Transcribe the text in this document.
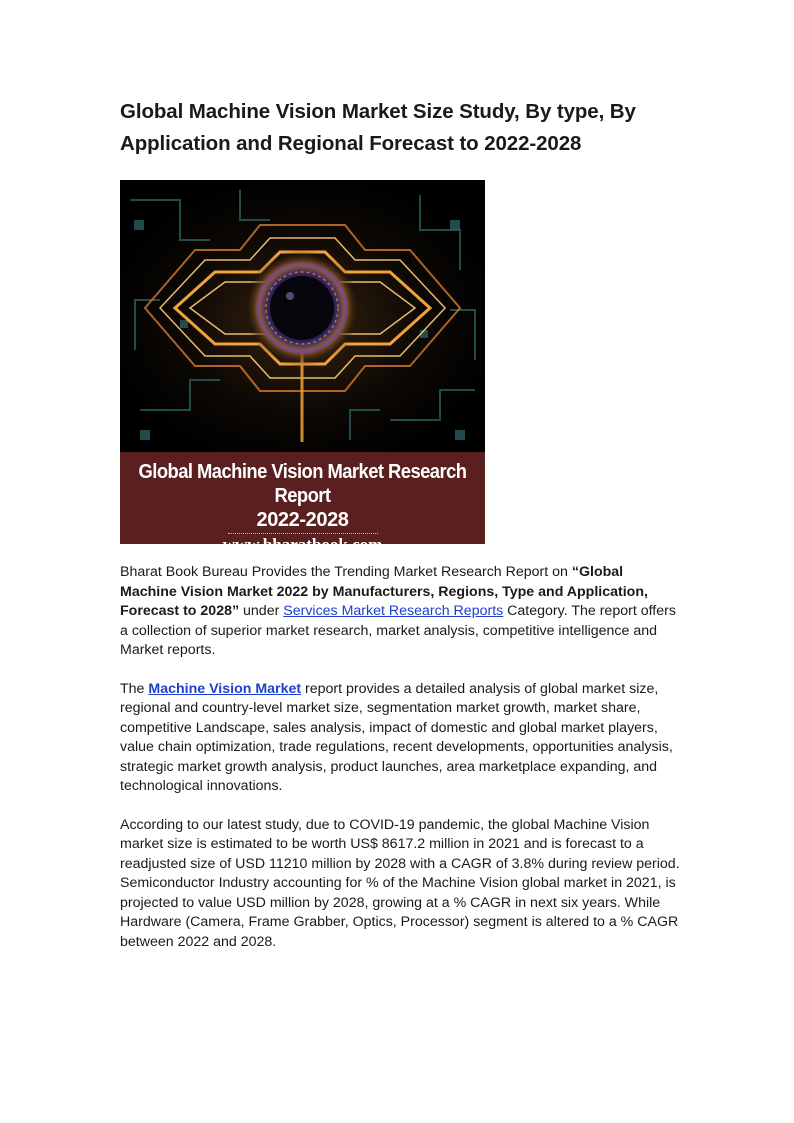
Global Machine Vision Market Size Study, By type, By Application and Regional Forecast to 2022-2028
Global Machine Vision Market Research Report
2022-2028
www.bharatbook.com

Bharat Book Bureau Provides the Trending Market Research Report on “Global Machine Vision Market 2022 by Manufacturers, Regions, Type and Application, Forecast to 2028” under Services Market Research Reports Category. The report offers a collection of superior market research, market analysis, competitive intelligence and Market reports.

The Machine Vision Market report provides a detailed analysis of global market size, regional and country-level market size, segmentation market growth, market share, competitive Landscape, sales analysis, impact of domestic and global market players, value chain optimization, trade regulations, recent developments, opportunities analysis, strategic market growth analysis, product launches, area marketplace expanding, and technological innovations.

According to our latest study, due to COVID-19 pandemic, the global Machine Vision market size is estimated to be worth US$ 8617.2 million in 2021 and is forecast to a readjusted size of USD 11210 million by 2028 with a CAGR of 3.8% during review period. Semiconductor Industry accounting for % of the Machine Vision global market in 2021, is projected to value USD million by 2028, growing at a % CAGR in next six years. While Hardware (Camera, Frame Grabber, Optics, Processor) segment is altered to a % CAGR between 2022 and 2028.
